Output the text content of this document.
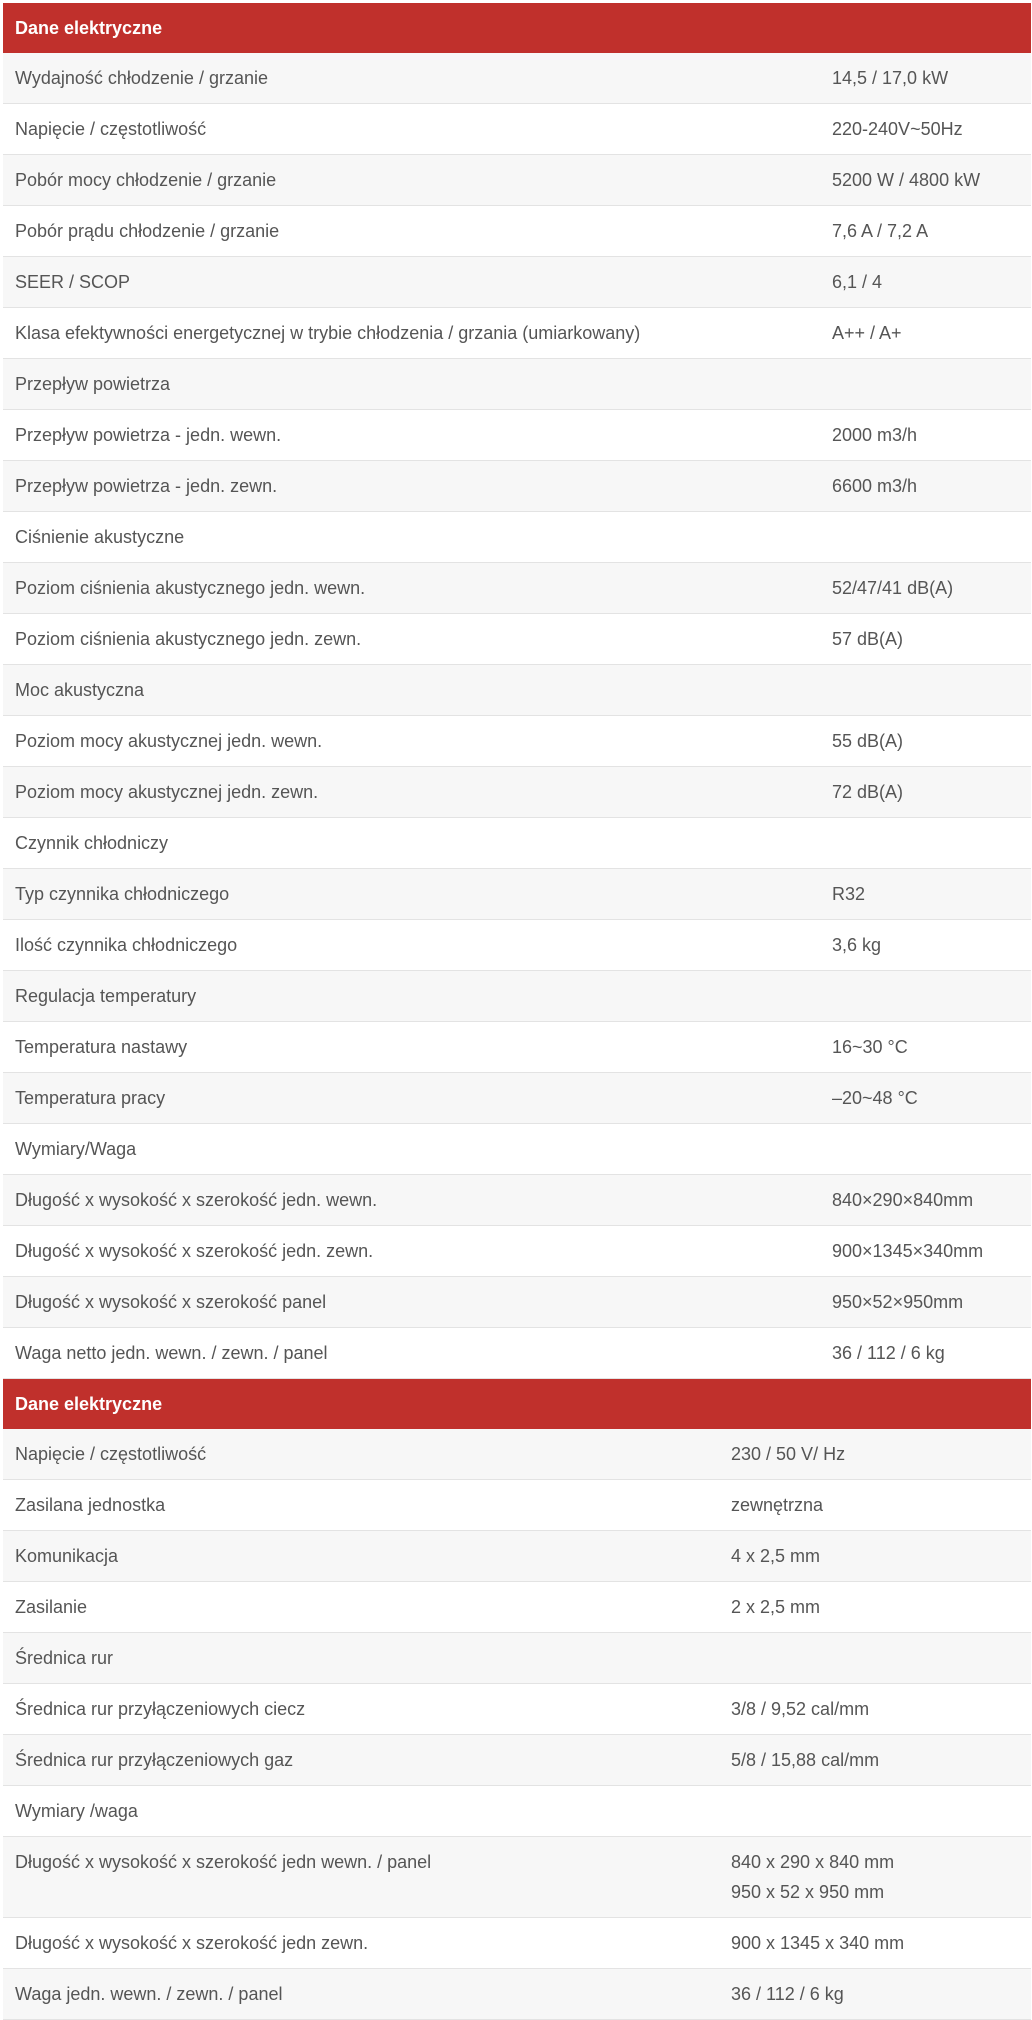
Dane elektryczne	
Wydajność chłodzenie / grzanie	14,5 / 17,0 kW
Napięcie / częstotliwość	220-240V~50Hz
Pobór mocy chłodzenie / grzanie	5200 W / 4800 kW
Pobór prądu chłodzenie / grzanie	7,6 A / 7,2 A
SEER / SCOP	6,1 / 4
Klasa efektywności energetycznej w trybie chłodzenia / grzania (umiarkowany)	A++ / A+
Przepływ powietrza	
Przepływ powietrza - jedn. wewn.	2000 m3/h
Przepływ powietrza - jedn. zewn.	6600 m3/h
Ciśnienie akustyczne	
Poziom ciśnienia akustycznego jedn. wewn.	52/47/41 dB(A)
Poziom ciśnienia akustycznego jedn. zewn.	57 dB(A)
Moc akustyczna	
Poziom mocy akustycznej jedn. wewn.	55 dB(A)
Poziom mocy akustycznej jedn. zewn.	72 dB(A)
Czynnik chłodniczy	
Typ czynnika chłodniczego	R32
Ilość czynnika chłodniczego	3,6 kg
Regulacja temperatury	
Temperatura nastawy	16~30 °C
Temperatura pracy	–20~48 °C
Wymiary/Waga	
Długość x wysokość x szerokość jedn. wewn.	840×290×840mm
Długość x wysokość x szerokość jedn. zewn.	900×1345×340mm
Długość x wysokość x szerokość panel	950×52×950mm
Waga netto jedn. wewn. / zewn. / panel	36 / 112 / 6 kg
Dane elektryczne	
Napięcie / częstotliwość	230 / 50 V/ Hz
Zasilana jednostka	zewnętrzna
Komunikacja	4 x 2,5 mm
Zasilanie	2 x 2,5 mm
Średnica rur	
Średnica rur przyłączeniowych ciecz	3/8 / 9,52 cal/mm
Średnica rur przyłączeniowych gaz	5/8 / 15,88 cal/mm
Wymiary /waga	
Długość x wysokość x szerokość jedn wewn. / panel	840 x 290 x 840 mm
950 x 52 x 950 mm

Długość x wysokość x szerokość jedn zewn.	900 x 1345 x 340 mm
Waga jedn. wewn. / zewn. / panel	36 / 112 / 6 kg
